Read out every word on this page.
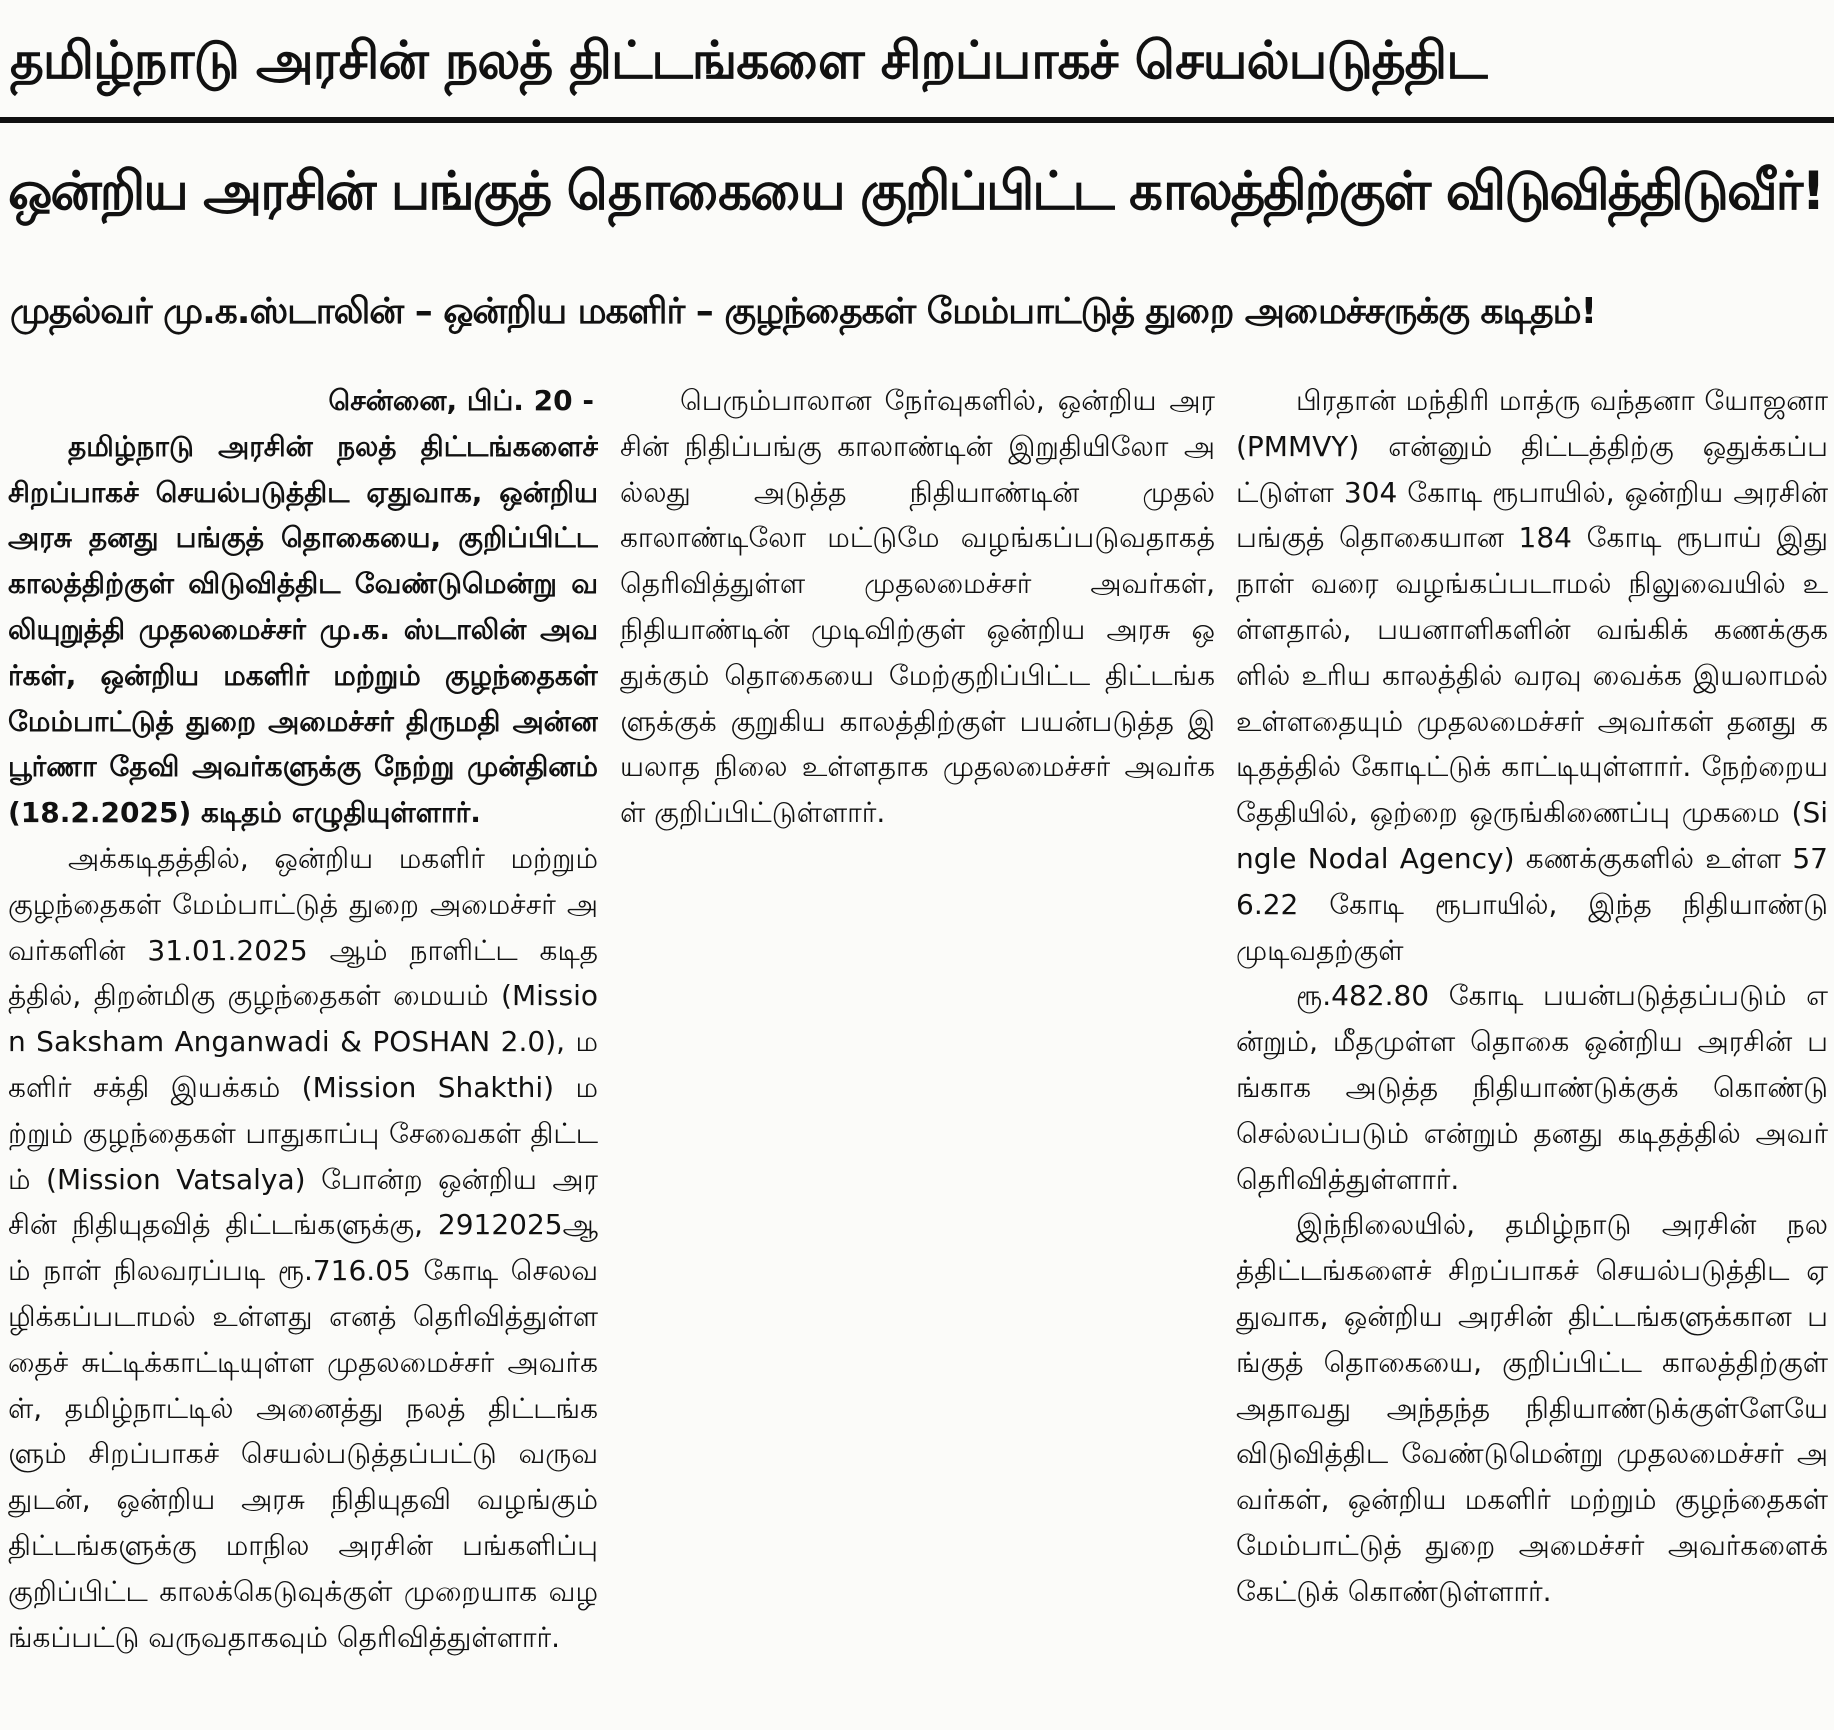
தமிழ்நாடு அரசின் நலத் திட்டங்களை சிறப்பாகச் செயல்படுத்திட
ஒன்றிய அரசின் பங்குத் தொகையை குறிப்பிட்ட காலத்திற்குள் விடுவித்திடுவீர்!
முதல்வர் மு.க.ஸ்டாலின் – ஒன்றிய மகளிர் – குழந்தைகள் மேம்பாட்டுத் துறை அமைச்சருக்கு கடிதம்!

சென்னை, பிப். 20 -

தமிழ்நாடு அரசின் நலத் திட்டங்களைச் சிறப்பாகச் செயல்படுத்திட ஏதுவாக, ஒன்றிய அரசு தனது பங்குத் தொகையை, குறிப்பிட்ட காலத்திற்குள் விடுவித்திட வேண்டுமென்று வலியுறுத்தி முதலமைச்சர் மு.க. ஸ்டாலின் அவர்கள், ஒன்றிய மகளிர் மற்றும் குழந்தைகள் மேம்பாட்டுத் துறை அமைச்சர் திருமதி அன்னபூர்ணா தேவி அவர்களுக்கு நேற்று முன்தினம் (18.2.2025) கடிதம் எழுதியுள்ளார்.

அக்கடிதத்தில், ஒன்றிய மகளிர் மற்றும் குழந்தைகள் மேம்பாட்டுத் துறை அமைச்சர் அவர்களின் 31.01.2025 ஆம் நாளிட்ட கடிதத்தில், திறன்மிகு குழந்தைகள் மையம் (Mission Saksham Anganwadi & POSHAN 2.0), மகளிர் சக்தி இயக்கம் (Mission Shakthi) மற்றும் குழந்தைகள் பாதுகாப்பு சேவைகள் திட்டம் (Mission Vatsalya) போன்ற ஒன்றிய அரசின் நிதியுதவித் திட்டங்களுக்கு, 2912025ஆம் நாள் நிலவரப்படி ரூ.716.05 கோடி செலவழிக்கப்படாமல் உள்ளது எனத் தெரிவித்துள்ளதைச் சுட்டிக்காட்டியுள்ள முதலமைச்சர் அவர்கள், தமிழ்நாட்டில் அனைத்து நலத் திட்டங்களும் சிறப்பாகச் செயல்படுத்தப்பட்டு வருவதுடன், ஒன்றிய அரசு நிதியுதவி வழங்கும் திட்டங்களுக்கு மாநில அரசின் பங்களிப்பு குறிப்பிட்ட காலக்கெடுவுக்குள் முறையாக வழங்கப்பட்டு வருவதாகவும் தெரிவித்துள்ளார்.

பெரும்பாலான நேர்வுகளில், ஒன்றிய அரசின் நிதிப்பங்கு காலாண்டின் இறுதியிலோ அல்லது அடுத்த நிதியாண்டின் முதல் காலாண்டிலோ மட்டுமே வழங்கப்படுவதாகத் தெரிவித்துள்ள முதலமைச்சர் அவர்கள், நிதியாண்டின் முடிவிற்குள் ஒன்றிய அரசு ஒதுக்கும் தொகையை மேற்குறிப்பிட்ட திட்டங்களுக்குக் குறுகிய காலத்திற்குள் பயன்படுத்த இயலாத நிலை உள்ளதாக முதலமைச்சர் அவர்கள் குறிப்பிட்டுள்ளார்.

பிரதான் மந்திரி மாத்ரு வந்தனா யோஜனா (PMMVY) என்னும் திட்டத்திற்கு ஒதுக்கப்பட்டுள்ள 304 கோடி ரூபாயில், ஒன்றிய அரசின் பங்குத் தொகையான 184 கோடி ரூபாய் இது நாள் வரை வழங்கப்படாமல் நிலுவையில் உள்ளதால், பயனாளிகளின் வங்கிக் கணக்குகளில் உரிய காலத்தில் வரவு வைக்க இயலாமல் உள்ளதையும் முதலமைச்சர் அவர்கள் தனது கடிதத்தில் கோடிட்டுக் காட்டியுள்ளார். நேற்றைய தேதியில், ஒற்றை ஒருங்கிணைப்பு முகமை (Single Nodal Agency) கணக்குகளில் உள்ள 576.22 கோடி ரூபாயில், இந்த நிதியாண்டு முடிவதற்குள்

ரூ.482.80 கோடி பயன்படுத்தப்படும் என்றும், மீதமுள்ள தொகை ஒன்றிய அரசின் பங்காக அடுத்த நிதியாண்டுக்குக் கொண்டு செல்லப்படும் என்றும் தனது கடிதத்தில் அவர் தெரிவித்துள்ளார்.

இந்நிலையில், தமிழ்நாடு அரசின் நலத்திட்டங்களைச் சிறப்பாகச் செயல்படுத்திட ஏதுவாக, ஒன்றிய அரசின் திட்டங்களுக்கான பங்குத் தொகையை, குறிப்பிட்ட காலத்திற்குள் அதாவது அந்தந்த நிதியாண்டுக்குள்ளேயே விடுவித்திட வேண்டுமென்று முதலமைச்சர் அவர்கள், ஒன்றிய மகளிர் மற்றும் குழந்தைகள் மேம்பாட்டுத் துறை அமைச்சர் அவர்களைக் கேட்டுக் கொண்டுள்ளார்.
